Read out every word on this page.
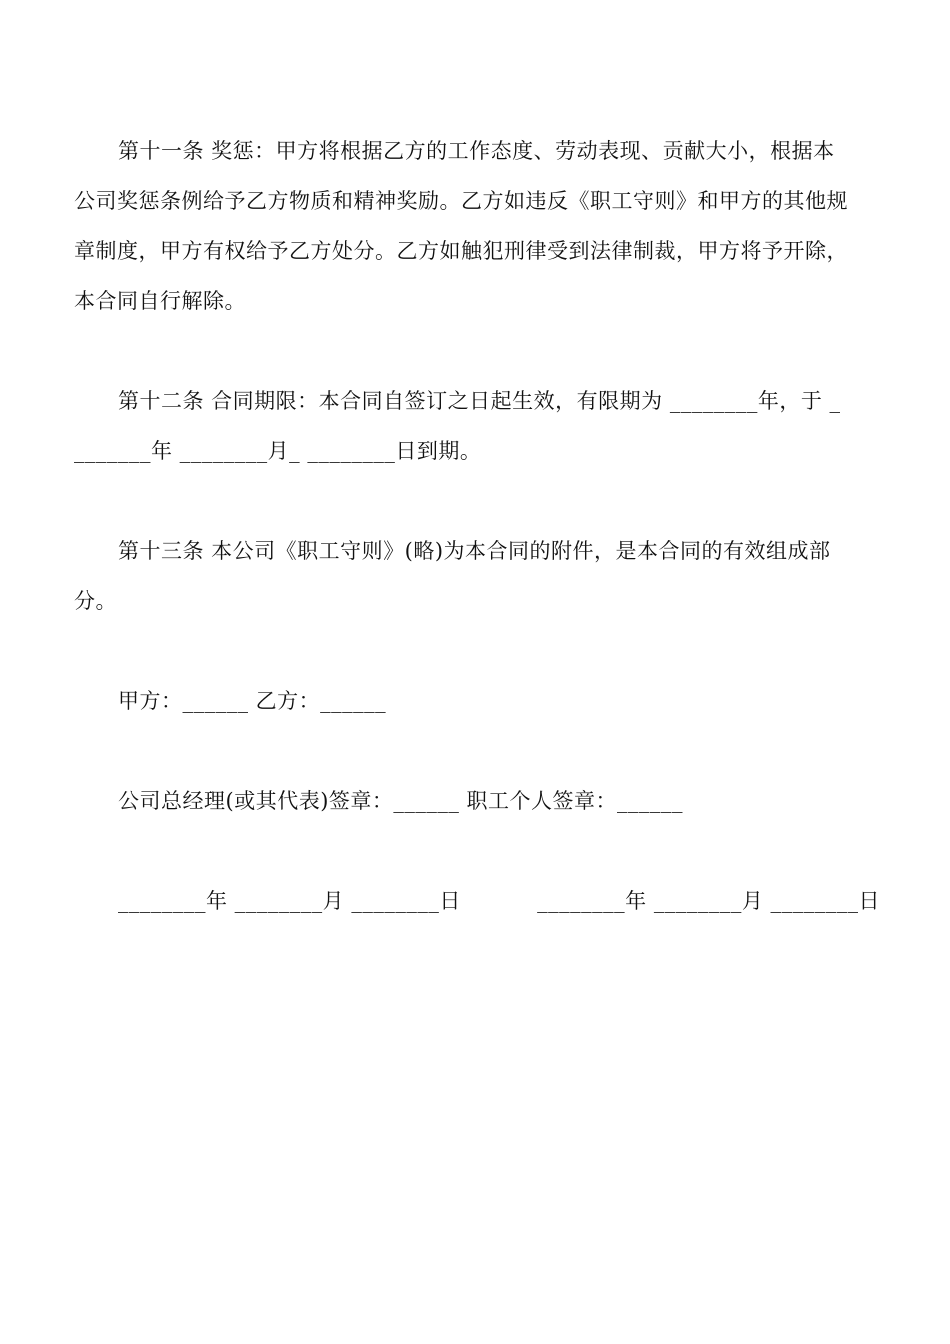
第十一条 奖惩：甲方将根据乙方的工作态度、劳动表现、贡献大小，根据本
公司奖惩条例给予乙方物质和精神奖励。乙方如违反《职工守则》和甲方的其他规
章制度，甲方有权给予乙方处分。乙方如触犯刑律受到法律制裁，甲方将予开除，
本合同自行解除。
第十二条 合同期限：本合同自签订之日起生效，有限期为 ________年，于 _
_______年 ________月_ ________日到期。
第十三条 本公司《职工守则》(略)为本合同的附件，是本合同的有效组成部
分。
甲方：______ 乙方：______
公司总经理(或其代表)签章：______ 职工个人签章：______
________年 ________月 ________日	________年 ________月 ________日
